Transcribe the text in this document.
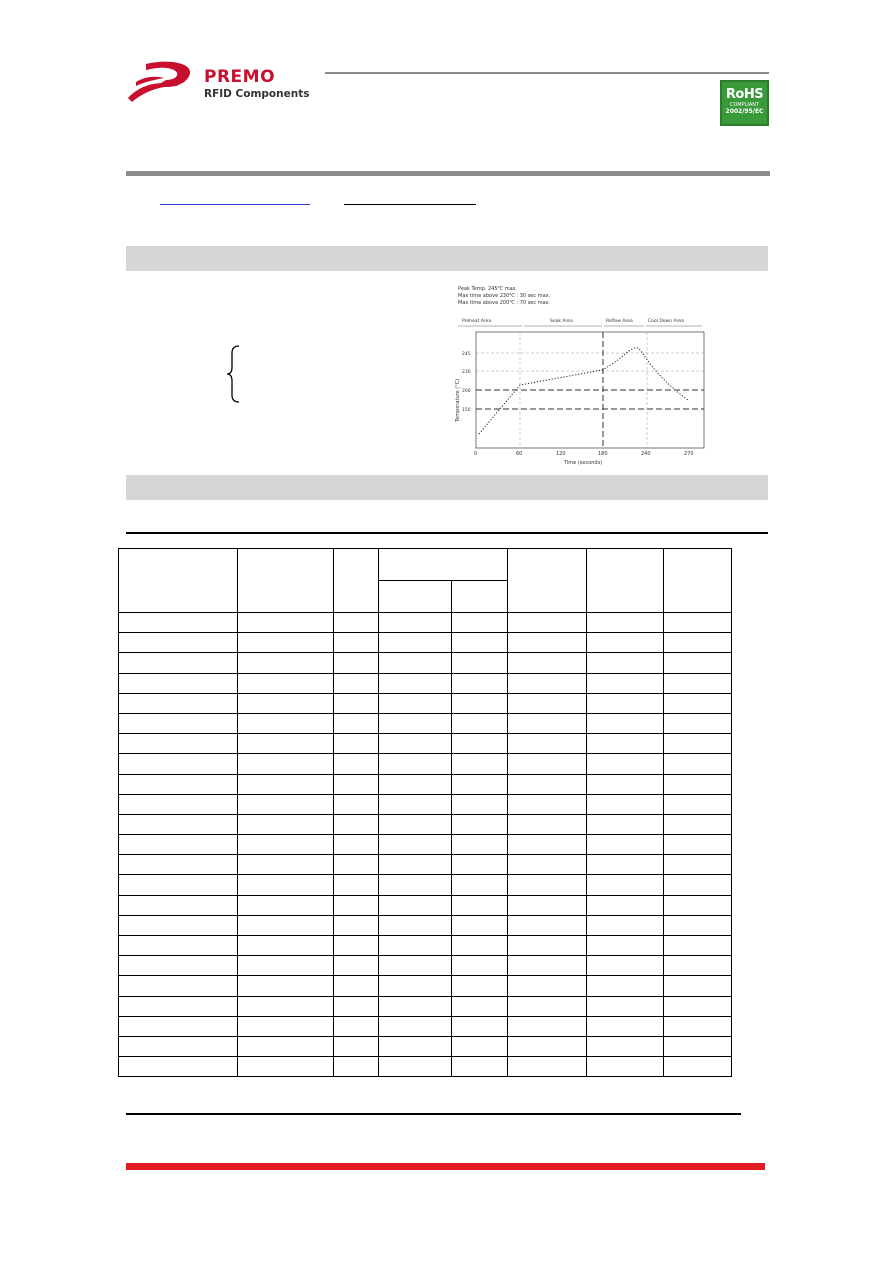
PREMO
RFID Components	RoHS
COMPLIANT
2002/95/EC
Peak Temp. 245℃ max.
Max time above 230℃ : 30 sec max.
Max time above 200℃ : 70 sec max.
Preheat Area	Soak Area	Reflow Area	Cool Down Area
245
230
200
150
Temperature (°C)
0	60	120	180	240	270
Time (seconds)
